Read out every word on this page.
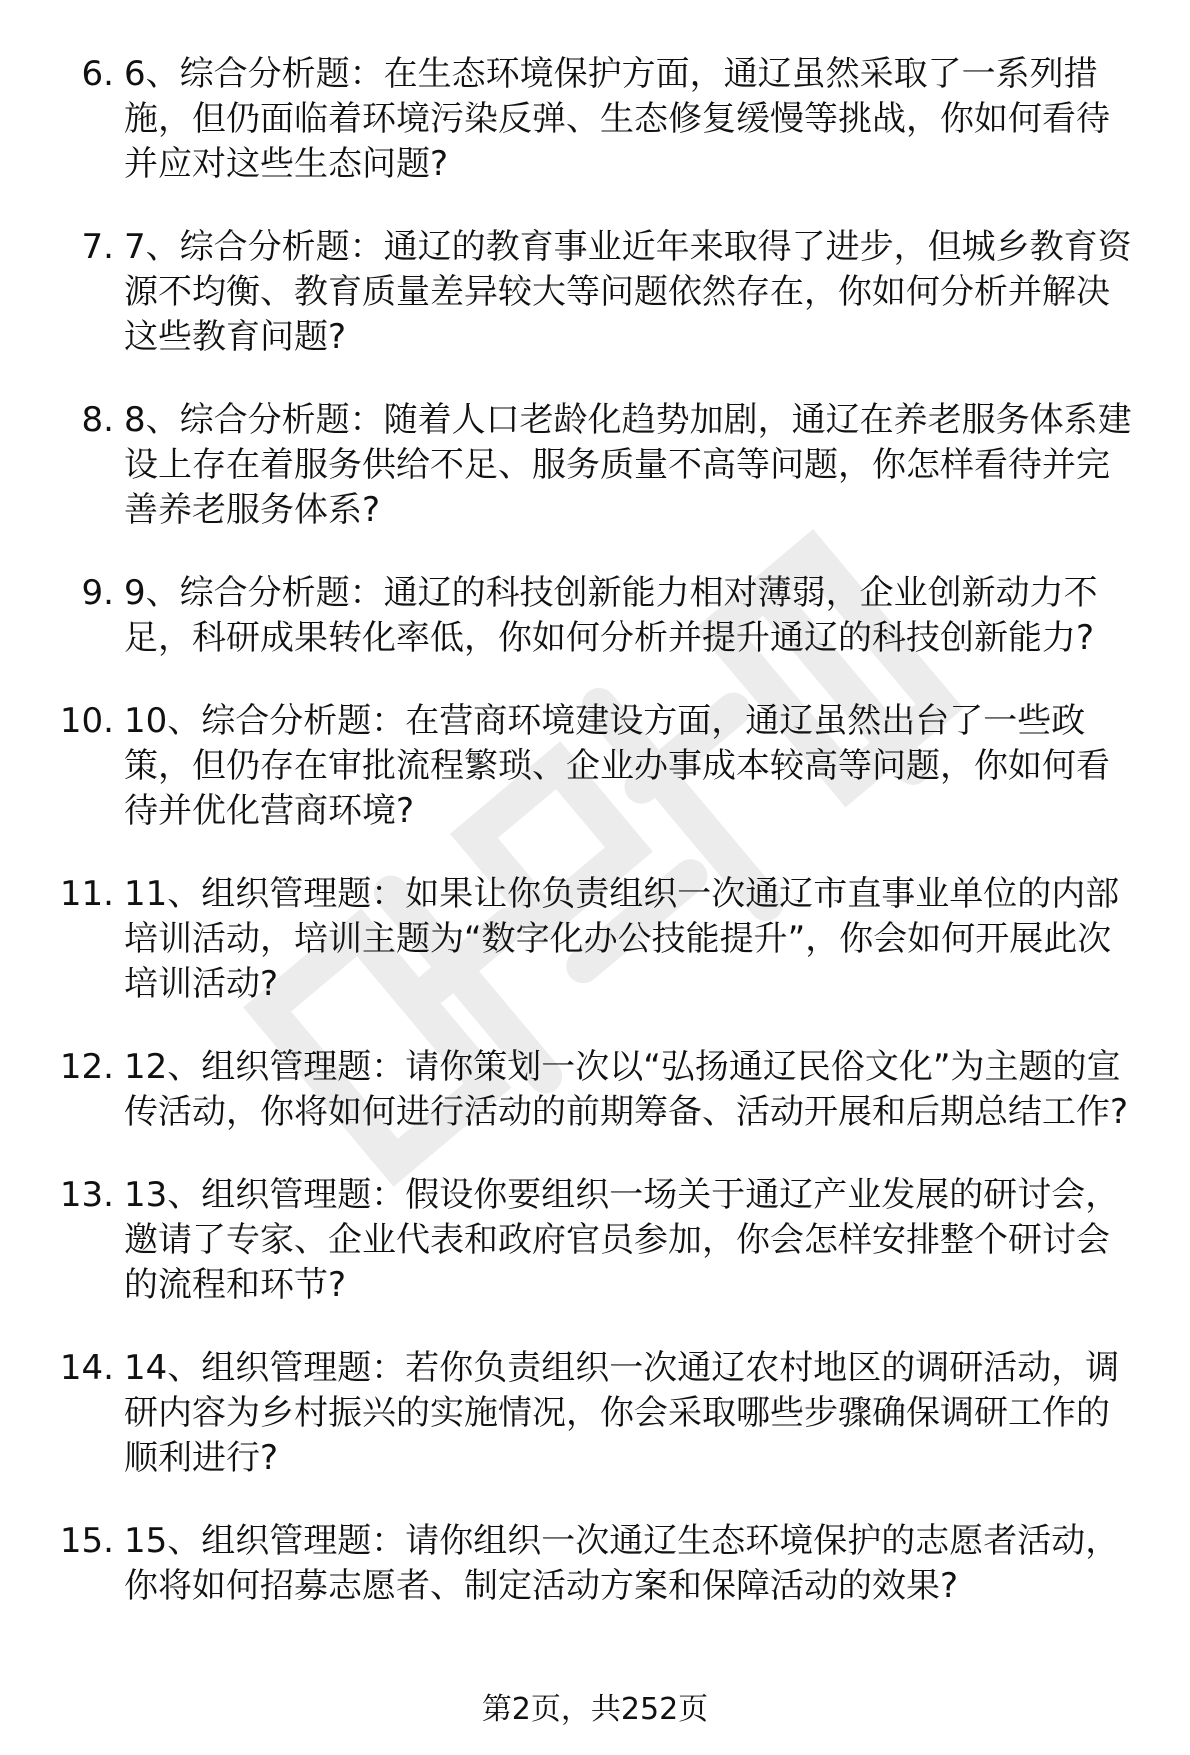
6. 6、综合分析题：在生态环境保护方面，通辽虽然采取了一系列措施，但仍面临着环境污染反弹、生态修复缓慢等挑战，你如何看待并应对这些生态问题?
7. 7、综合分析题：通辽的教育事业近年来取得了进步，但城乡教育资源不均衡、教育质量差异较大等问题依然存在，你如何分析并解决这些教育问题?
8. 8、综合分析题：随着人口老龄化趋势加剧，通辽在养老服务体系建设上存在着服务供给不足、服务质量不高等问题，你怎样看待并完善养老服务体系?
9. 9、综合分析题：通辽的科技创新能力相对薄弱，企业创新动力不足，科研成果转化率低，你如何分析并提升通辽的科技创新能力?
10. 10、综合分析题：在营商环境建设方面，通辽虽然出台了一些政策，但仍存在审批流程繁琐、企业办事成本较高等问题，你如何看待并优化营商环境?
11. 11、组织管理题：如果让你负责组织一次通辽市直事业单位的内部培训活动，培训主题为“数字化办公技能提升”，你会如何开展此次培训活动?
12. 12、组织管理题：请你策划一次以“弘扬通辽民俗文化”为主题的宣传活动，你将如何进行活动的前期筹备、活动开展和后期总结工作?
13. 13、组织管理题：假设你要组织一场关于通辽产业发展的研讨会，邀请了专家、企业代表和政府官员参加，你会怎样安排整个研讨会的流程和环节?
14. 14、组织管理题：若你负责组织一次通辽农村地区的调研活动，调研内容为乡村振兴的实施情况，你会采取哪些步骤确保调研工作的顺利进行?
15. 15、组织管理题：请你组织一次通辽生态环境保护的志愿者活动，你将如何招募志愿者、制定活动方案和保障活动的效果?
第2页，共252页
